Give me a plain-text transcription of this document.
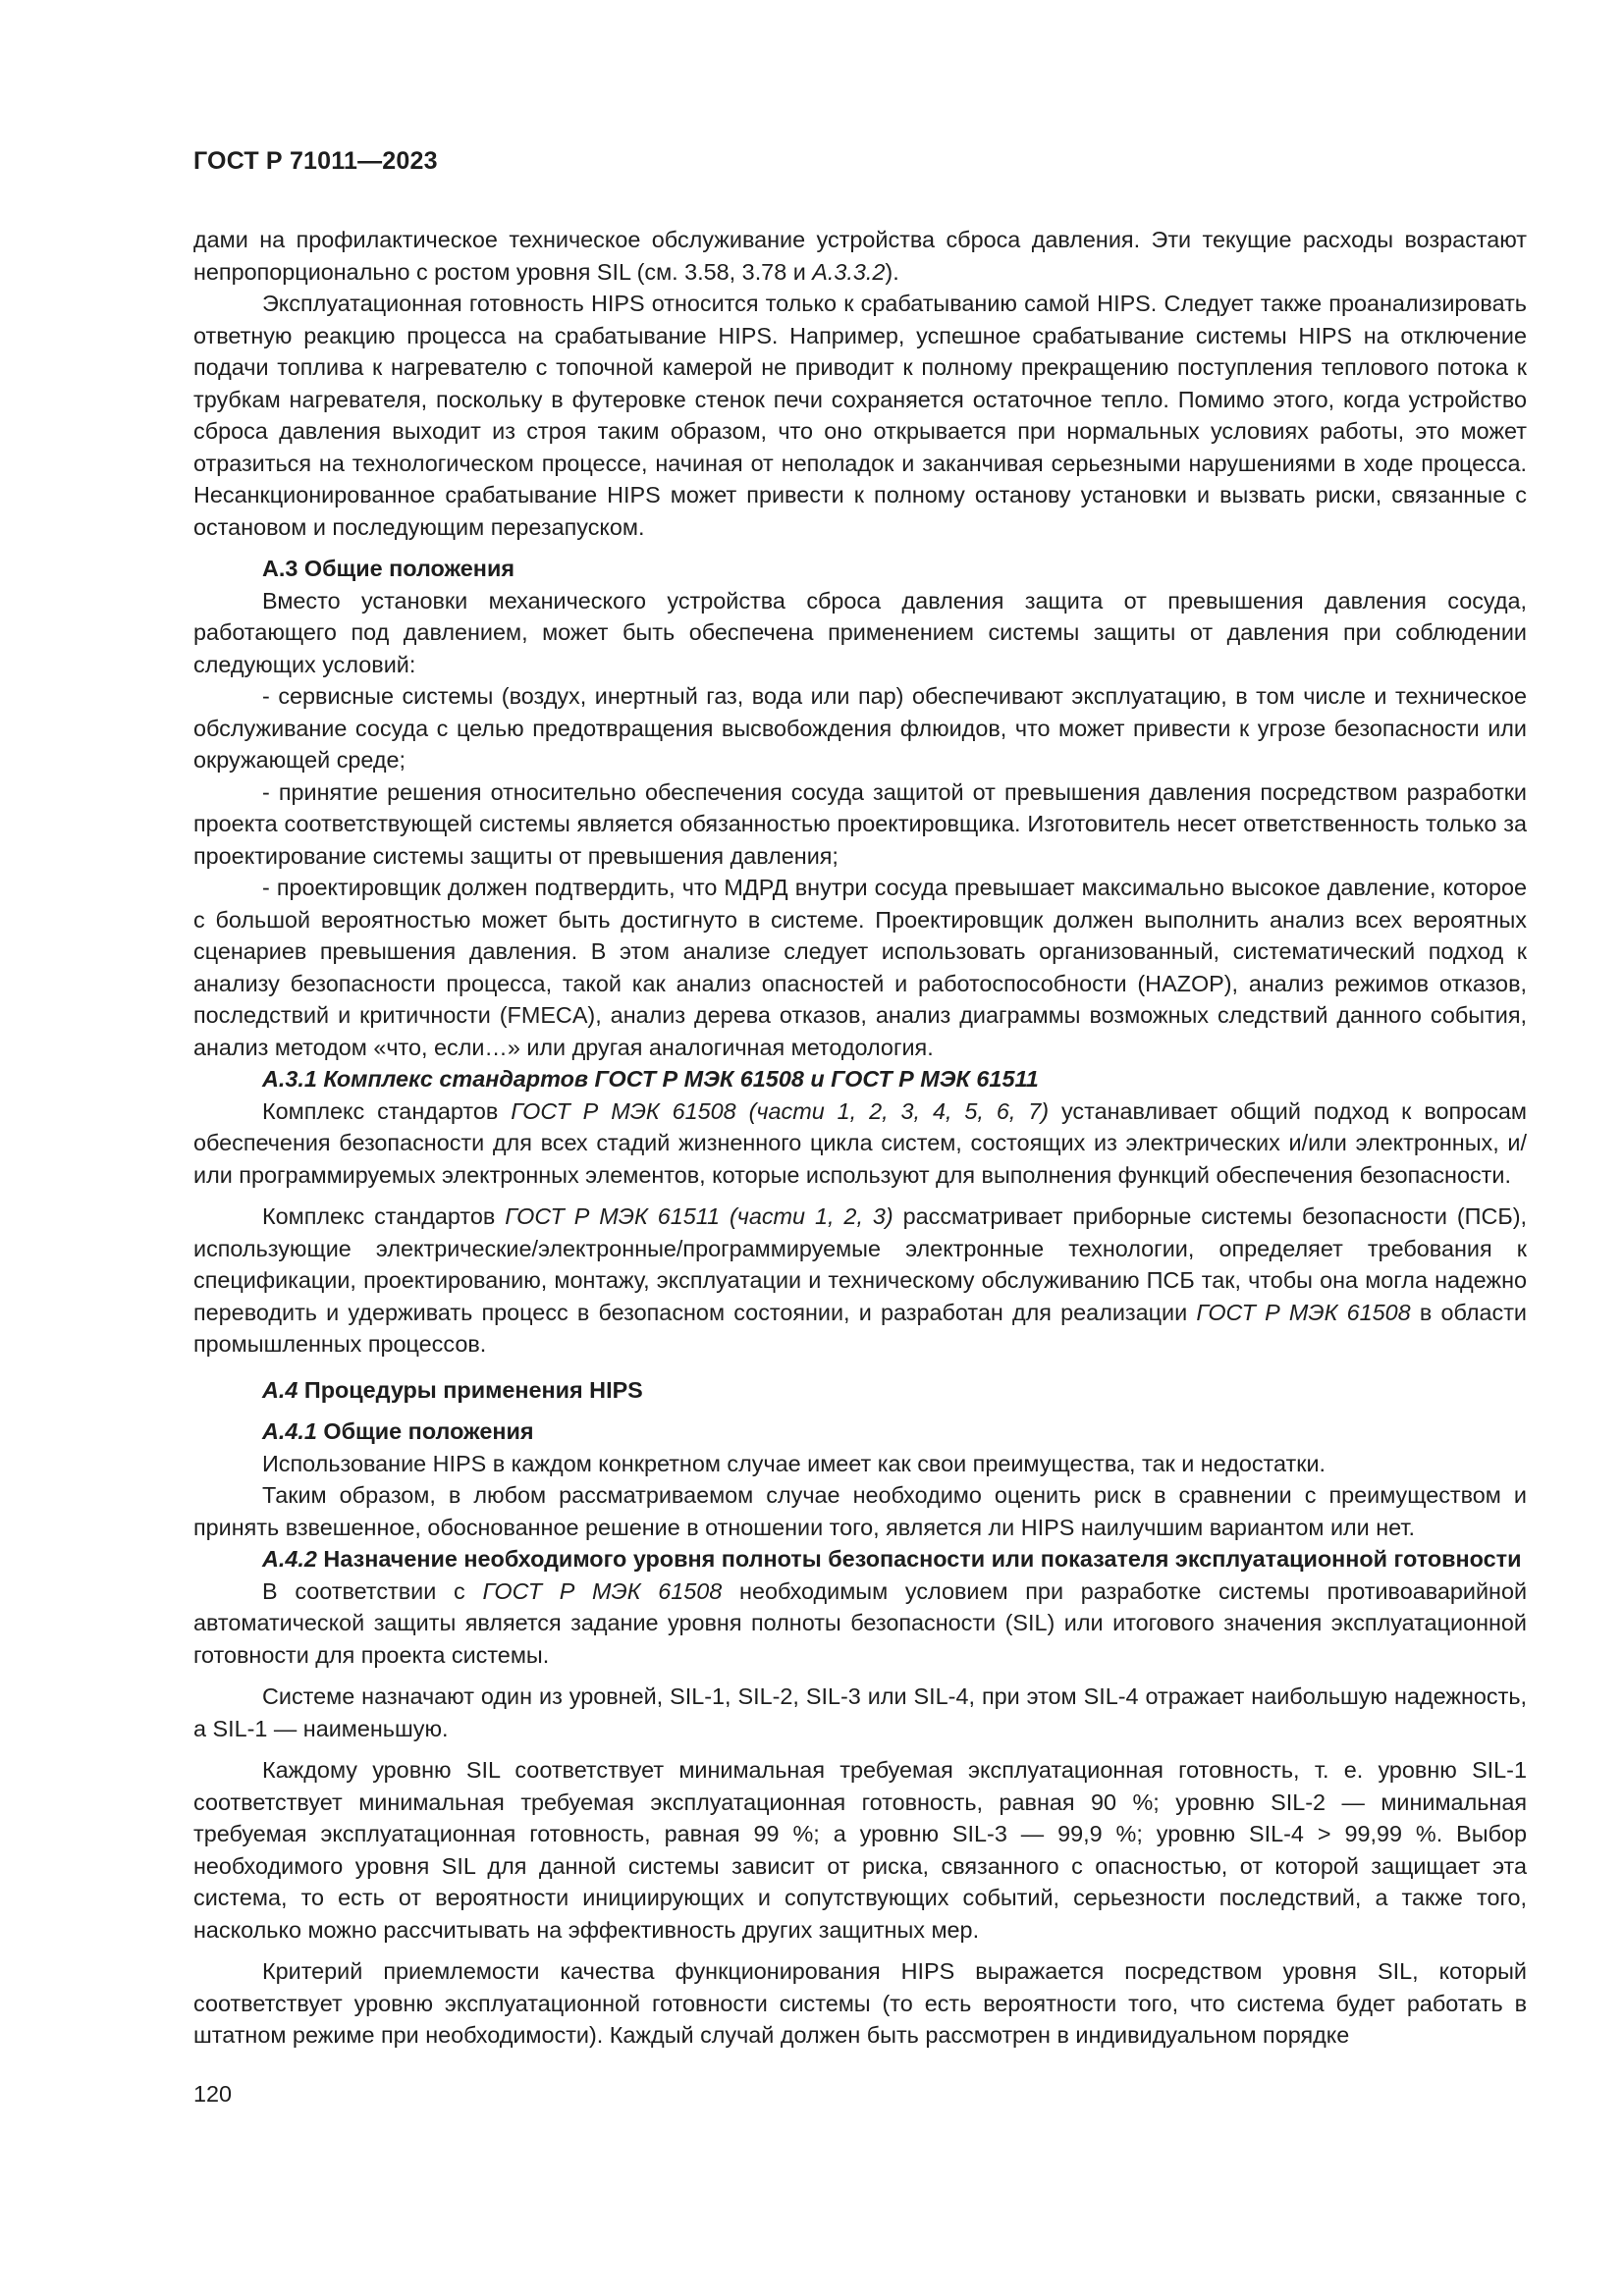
ГОСТ Р 71011—2023

дами на профилактическое техническое обслуживание устройства сброса давления. Эти текущие расходы возрастают непропорционально с ростом уровня SIL (см. 3.58, 3.78 и А.3.3.2).

Эксплуатационная готовность HIPS относится только к срабатыванию самой HIPS. Следует также проанализировать ответную реакцию процесса на срабатывание HIPS. Например, успешное срабатывание системы HIPS на отключение подачи топлива к нагревателю с топочной камерой не приводит к полному прекращению поступления теплового потока к трубкам нагревателя, поскольку в футеровке стенок печи сохраняется остаточное тепло. Помимо этого, когда устройство сброса давления выходит из строя таким образом, что оно открывается при нормальных условиях работы, это может отразиться на технологическом процессе, начиная от неполадок и заканчивая серьезными нарушениями в ходе процесса. Несанкционированное срабатывание HIPS может привести к полному останову установки и вызвать риски, связанные с остановом и последующим перезапуском.

А.3 Общие положения

Вместо установки механического устройства сброса давления защита от превышения давления сосуда, работающего под давлением, может быть обеспечена применением системы защиты от давления при соблюдении следующих условий:

- сервисные системы (воздух, инертный газ, вода или пар) обеспечивают эксплуатацию, в том числе и техническое обслуживание сосуда с целью предотвращения высвобождения флюидов, что может привести к угрозе безопасности или окружающей среде;

- принятие решения относительно обеспечения сосуда защитой от превышения давления посредством разработки проекта соответствующей системы является обязанностью проектировщика. Изготовитель несет ответственность только за проектирование системы защиты от превышения давления;

- проектировщик должен подтвердить, что МДРД внутри сосуда превышает максимально высокое давление, которое с большой вероятностью может быть достигнуто в системе. Проектировщик должен выполнить анализ всех вероятных сценариев превышения давления. В этом анализе следует использовать организованный, систематический подход к анализу безопасности процесса, такой как анализ опасностей и работоспособности (HAZOP), анализ режимов отказов, последствий и критичности (FMECA), анализ дерева отказов, анализ диаграммы возможных следствий данного события, анализ методом «что, если…» или другая аналогичная методология.

А.3.1 Комплекс стандартов ГОСТ Р МЭК 61508 и ГОСТ Р МЭК 61511

Комплекс стандартов ГОСТ Р МЭК 61508 (части 1, 2, 3, 4, 5, 6, 7) устанавливает общий подход к вопросам обеспечения безопасности для всех стадий жизненного цикла систем, состоящих из электрических и/или электронных, и/или программируемых электронных элементов, которые используют для выполнения функций обеспечения безопасности.

Комплекс стандартов ГОСТ Р МЭК 61511 (части 1, 2, 3) рассматривает приборные системы безопасности (ПСБ), использующие электрические/электронные/программируемые электронные технологии, определяет требования к спецификации, проектированию, монтажу, эксплуатации и техническому обслуживанию ПСБ так, чтобы она могла надежно переводить и удерживать процесс в безопасном состоянии, и разработан для реализации ГОСТ Р МЭК 61508 в области промышленных процессов.

А.4 Процедуры применения HIPS
А.4.1 Общие положения

Использование HIPS в каждом конкретном случае имеет как свои преимущества, так и недостатки.

Таким образом, в любом рассматриваемом случае необходимо оценить риск в сравнении с преимуществом и принять взвешенное, обоснованное решение в отношении того, является ли HIPS наилучшим вариантом или нет.

А.4.2 Назначение необходимого уровня полноты безопасности или показателя эксплуатационной готовности

В соответствии с ГОСТ Р МЭК 61508 необходимым условием при разработке системы противоаварийной автоматической защиты является задание уровня полноты безопасности (SIL) или итогового значения эксплуатационной готовности для проекта системы.

Системе назначают один из уровней, SIL-1, SIL-2, SIL-3 или SIL-4, при этом SIL-4 отражает наибольшую надежность, а SIL-1 — наименьшую.

Каждому уровню SIL соответствует минимальная требуемая эксплуатационная готовность, т. е. уровню SIL-1 соответствует минимальная требуемая эксплуатационная готовность, равная 90 %; уровню SIL-2 — минимальная требуемая эксплуатационная готовность, равная 99 %; а уровню SIL-3 — 99,9 %; уровню SIL-4 > 99,99 %. Выбор необходимого уровня SIL для данной системы зависит от риска, связанного с опасностью, от которой защищает эта система, то есть от вероятности инициирующих и сопутствующих событий, серьезности последствий, а также того, насколько можно рассчитывать на эффективность других защитных мер.

Критерий приемлемости качества функционирования HIPS выражается посредством уровня SIL, который соответствует уровню эксплуатационной готовности системы (то есть вероятности того, что система будет работать в штатном режиме при необходимости). Каждый случай должен быть рассмотрен в индивидуальном порядке

120
